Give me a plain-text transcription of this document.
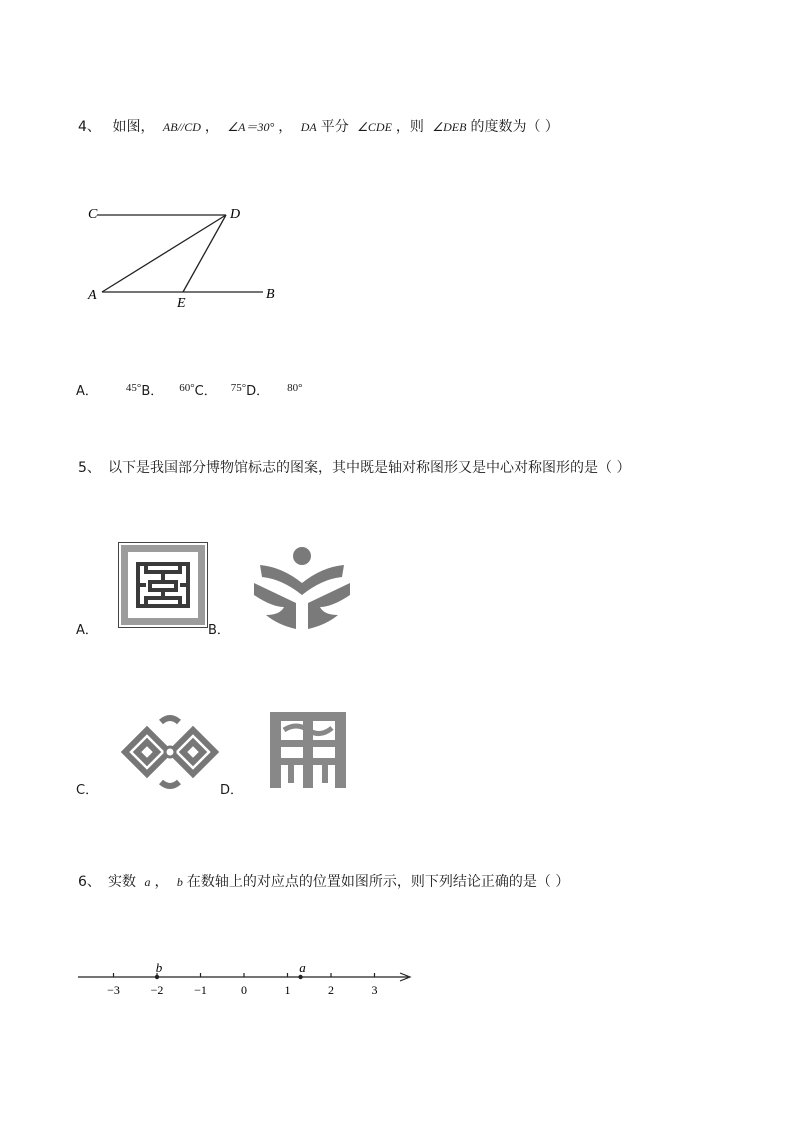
4、 如图， AB//CD ， ∠A＝30° ， DA 平分 ∠CDE ，则 ∠DEB 的度数为（ ）
C	D
A
E
B
A．	$^{45^\circ}$B． $^{60^\circ}$C． $^{75^\circ}$D． $^{80^\circ}$
5、 以下是我国部分博物馆标志的图案，其中既是轴对称图形又是中心对称图形的是（ ）
A．	B．
C．	D．
6、 实数 a ， b 在数轴上的对应点的位置如图所示，则下列结论正确的是（ ）
−3	−2	−1	0	1	2	3
b	a
